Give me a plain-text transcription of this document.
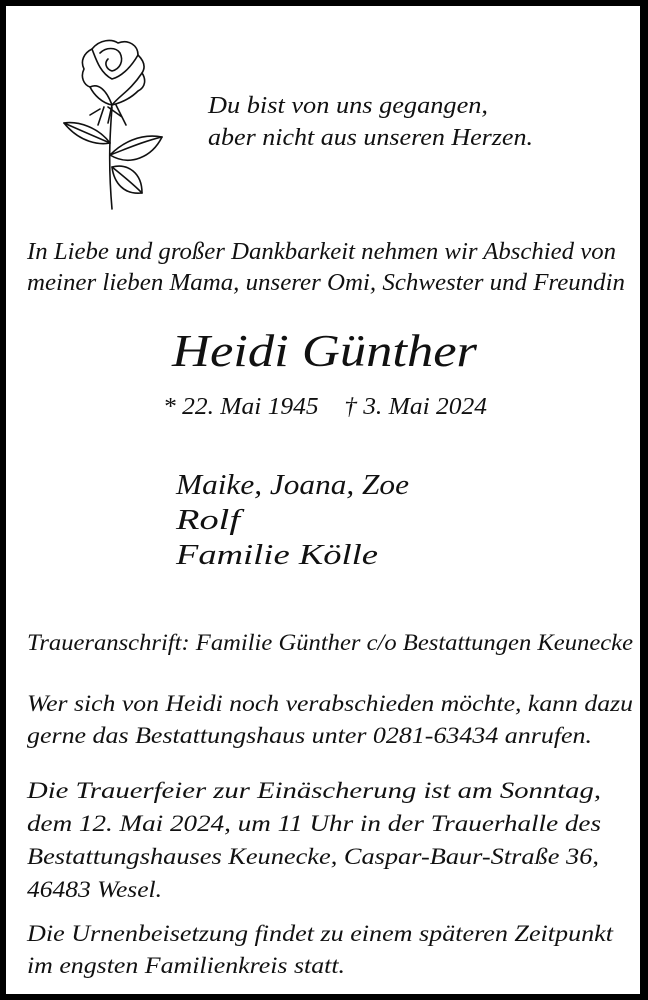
Du bist von uns gegangen,
aber nicht aus unseren Herzen.
In Liebe und großer Dankbarkeit nehmen wir Abschied von
meiner lieben Mama, unserer Omi, Schwester und Freundin
Heidi Günther
* 22. Mai 1945    † 3. Mai 2024
Maike, Joana, Zoe
Rolf
Familie Kölle
Traueranschrift: Familie Günther c/o Bestattungen Keunecke
Wer sich von Heidi noch verabschieden möchte, kann dazu
gerne das Bestattungshaus unter 0281-63434 anrufen.
Die Trauerfeier zur Einäscherung ist am Sonntag,
dem 12. Mai 2024, um 11 Uhr in der Trauerhalle des
Bestattungshauses Keunecke, Caspar-Baur-Straße 36,
46483 Wesel.
Die Urnenbeisetzung findet zu einem späteren Zeitpunkt
im engsten Familienkreis statt.
